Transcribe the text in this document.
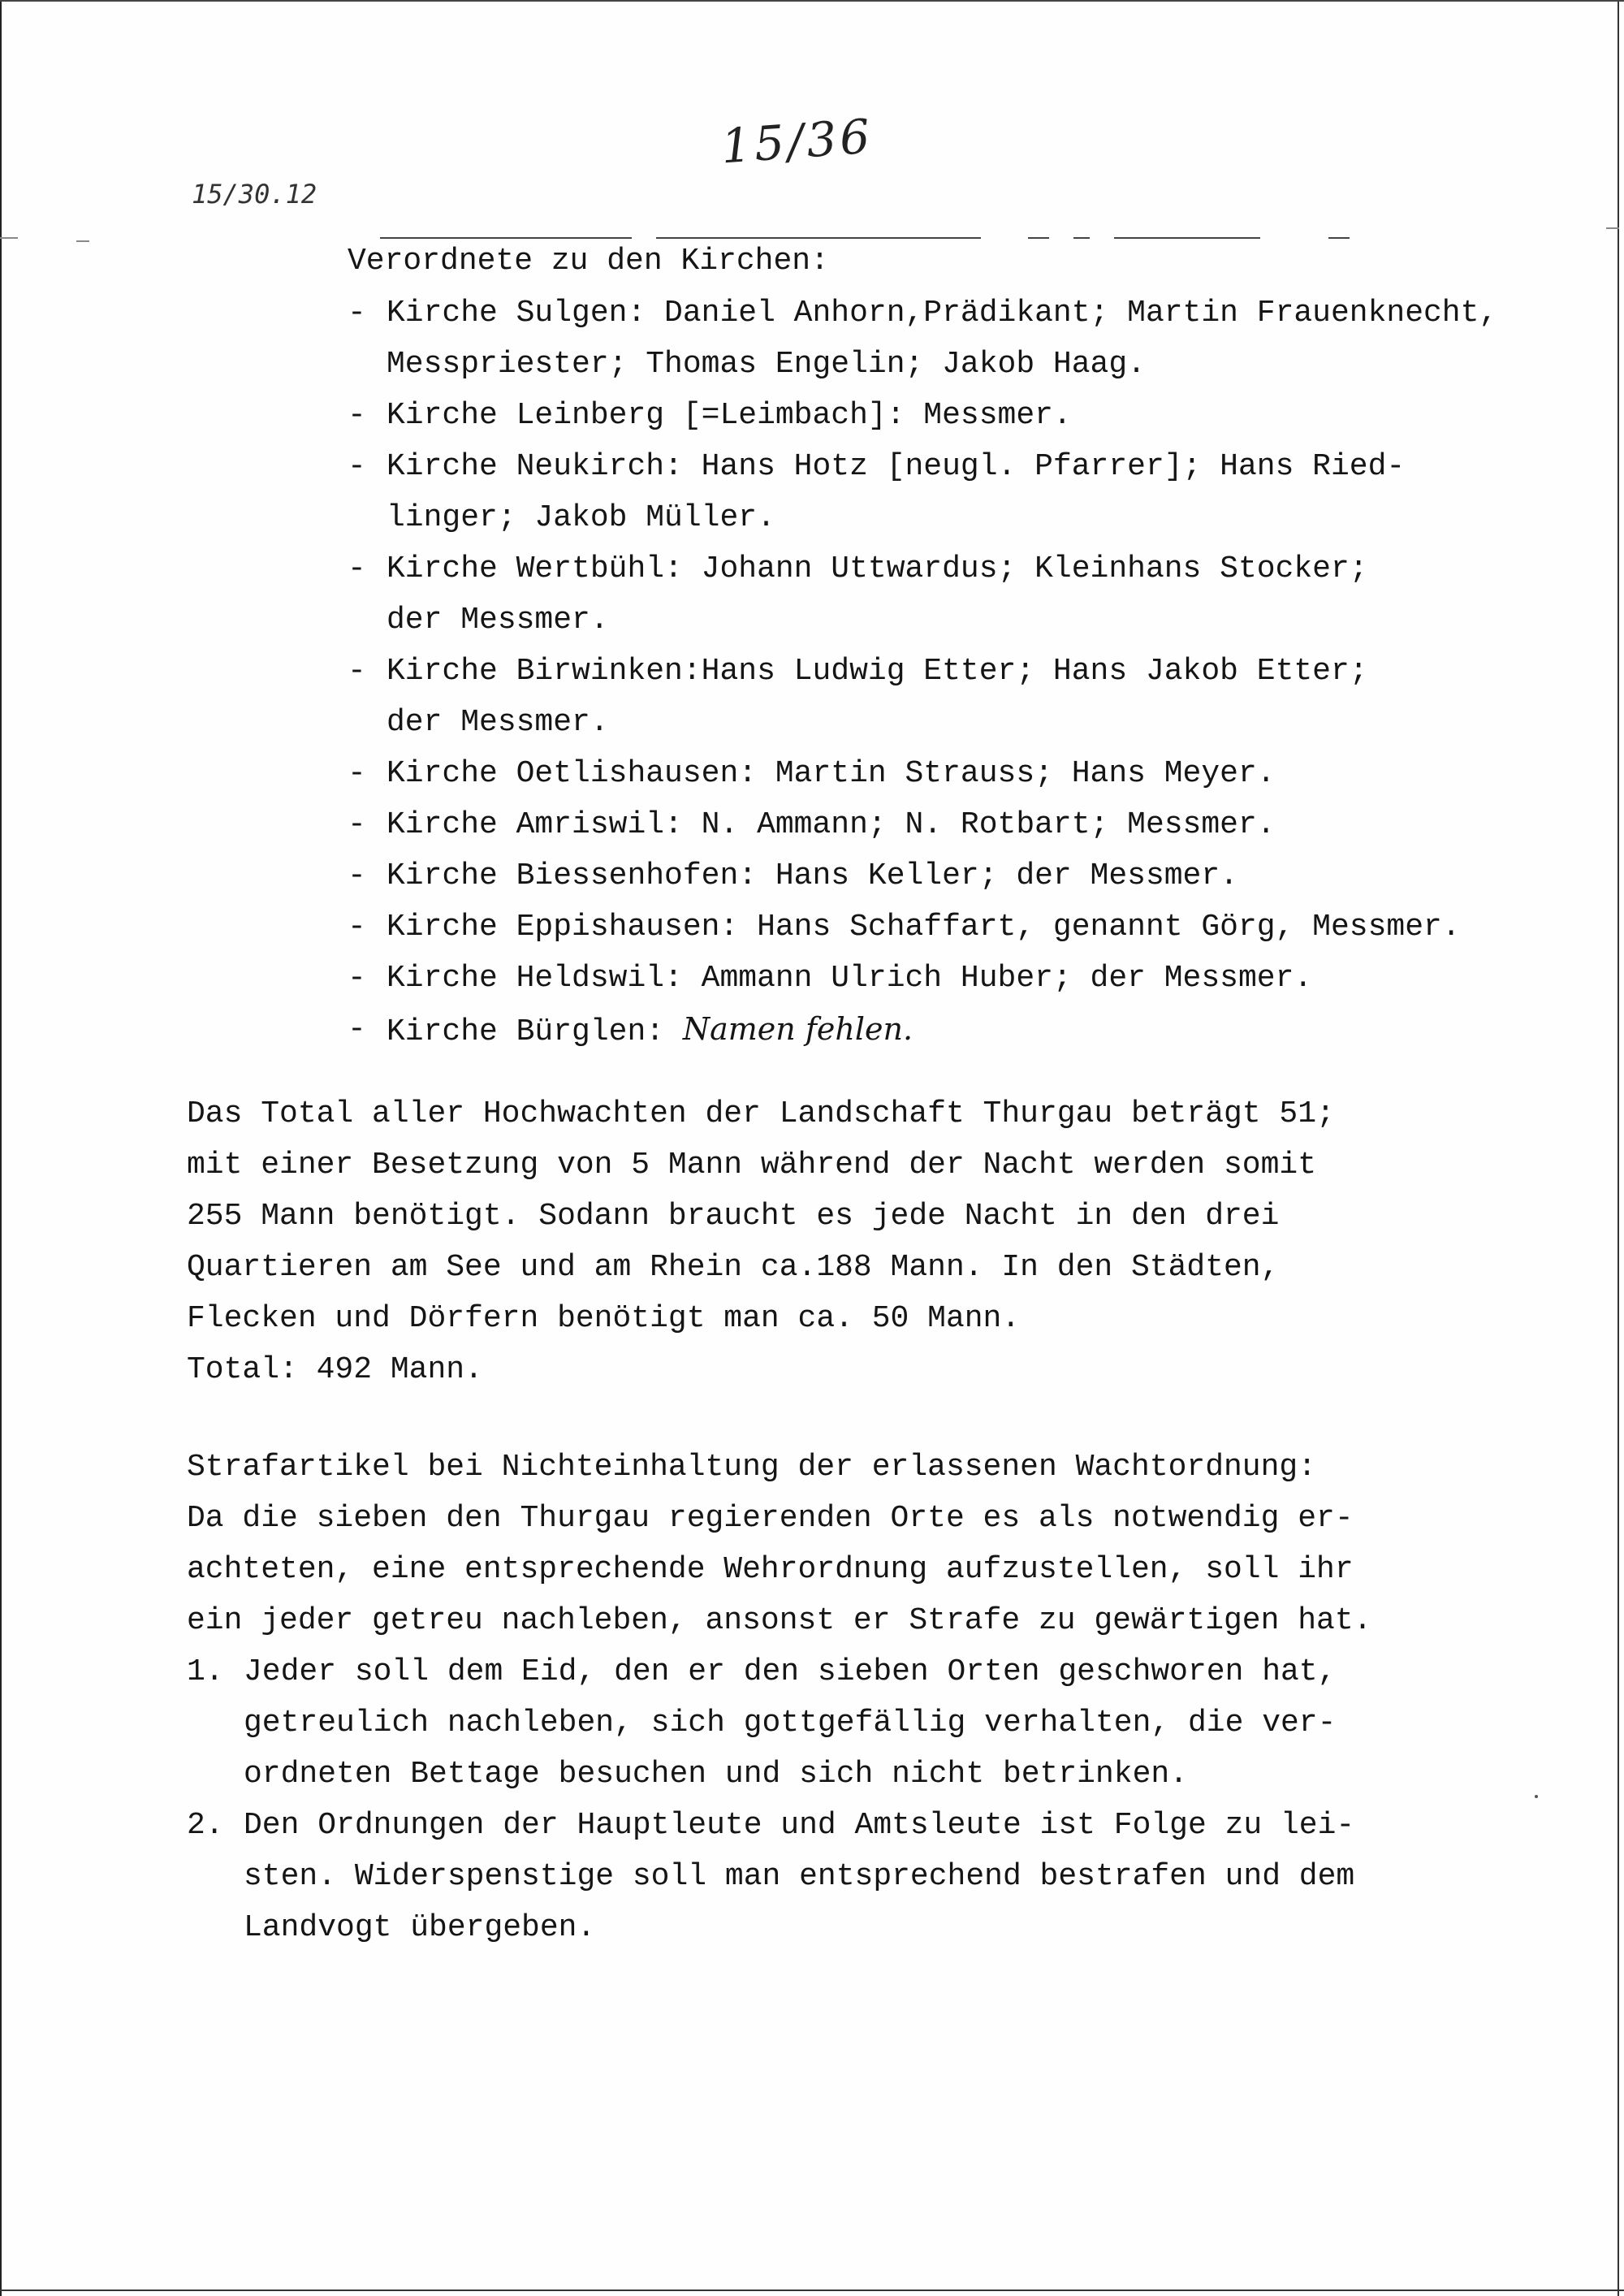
15/36
15/30.12
Verordnete zu den Kirchen:
- Kirche Sulgen: Daniel Anhorn,Prädikant; Martin Frauenknecht,
Messpriester; Thomas Engelin; Jakob Haag.
- Kirche Leinberg [=Leimbach]: Messmer.
- Kirche Neukirch: Hans Hotz [neugl. Pfarrer]; Hans Ried-
linger; Jakob Müller.
- Kirche Wertbühl: Johann Uttwardus; Kleinhans Stocker;
der Messmer.
- Kirche Birwinken:Hans Ludwig Etter; Hans Jakob Etter;
der Messmer.
- Kirche Oetlishausen: Martin Strauss; Hans Meyer.
- Kirche Amriswil: N. Ammann; N. Rotbart; Messmer.
- Kirche Biessenhofen: Hans Keller; der Messmer.
- Kirche Eppishausen: Hans Schaffart, genannt Görg, Messmer.
- Kirche Heldswil: Ammann Ulrich Huber; der Messmer.
- Kirche Bürglen: Namen fehlen.
Das Total aller Hochwachten der Landschaft Thurgau beträgt 51;
mit einer Besetzung von 5 Mann während der Nacht werden somit
255 Mann benötigt. Sodann braucht es jede Nacht in den drei
Quartieren am See und am Rhein ca.188 Mann. In den Städten,
Flecken und Dörfern benötigt man ca. 50 Mann.
Total: 492 Mann.
Strafartikel bei Nichteinhaltung der erlassenen Wachtordnung:
Da die sieben den Thurgau regierenden Orte es als notwendig er-
achteten, eine entsprechende Wehrordnung aufzustellen, soll ihr
ein jeder getreu nachleben, ansonst er Strafe zu gewärtigen hat.
1. Jeder soll dem Eid, den er den sieben Orten geschworen hat,
getreulich nachleben, sich gottgefällig verhalten, die ver-
ordneten Bettage besuchen und sich nicht betrinken.
2. Den Ordnungen der Hauptleute und Amtsleute ist Folge zu lei-
sten. Widerspenstige soll man entsprechend bestrafen und dem
Landvogt übergeben.
